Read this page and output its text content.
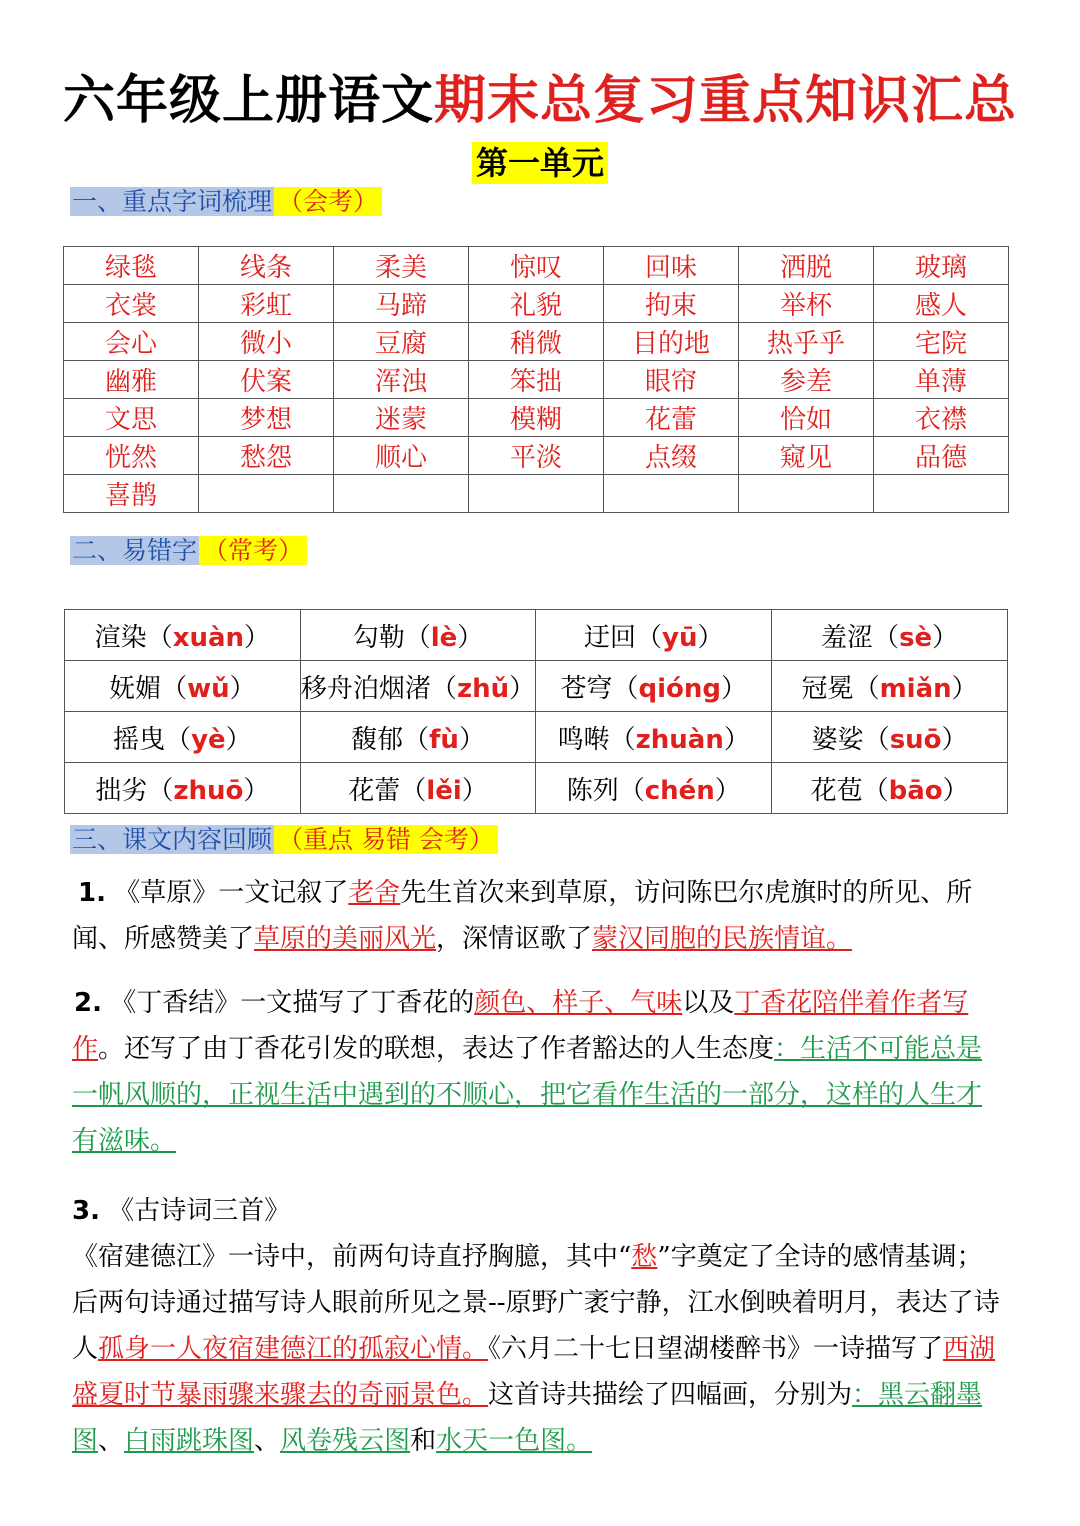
六年级上册语文期末总复习重点知识汇总
第一单元
一、重点字词梳理 （会考）
绿毯	线条	柔美	惊叹	回味	洒脱	玻璃
衣裳	彩虹	马蹄	礼貌	拘束	举杯	感人
会心	微小	豆腐	稍微	目的地	热乎乎	宅院
幽雅	伏案	浑浊	笨拙	眼帘	参差	单薄
文思	梦想	迷蒙	模糊	花蕾	恰如	衣襟
恍然	愁怨	顺心	平淡	点缀	窥见	品德
喜鹊						
二、易错字 （常考）
渲染（xuàn）	勾勒（lè）	迂回（yū）	羞涩（sè）
妩媚（wǔ）	移舟泊烟渚（zhǔ）	苍穹（qióng）	冠冕（miǎn）
摇曳（yè）	馥郁（fù）	鸣啭（zhuàn）	婆娑（suō）
拙劣（zhuō）	花蕾（lěi）	陈列（chén）	花苞（bāo）
三、课文内容回顾 （重点 易错 会考）
1. 《草原》一文记叙了老舍先生首次来到草原，访问陈巴尔虎旗时的所见、所闻、所感赞美了草原的美丽风光，深情讴歌了蒙汉同胞的民族情谊。
2. 《丁香结》一文描写了丁香花的颜色、样子、气味以及丁香花陪伴着作者写作。还写了由丁香花引发的联想，表达了作者豁达的人生态度：生活不可能总是一帆风顺的，正视生活中遇到的不顺心，把它看作生活的一部分，这样的人生才有滋味。
3. 《古诗词三首》
《宿建德江》一诗中，前两句诗直抒胸臆，其中“愁”字奠定了全诗的感情基调；后两句诗通过描写诗人眼前所见之景--原野广袤宁静，江水倒映着明月，表达了诗人孤身一人夜宿建德江的孤寂心情。《六月二十七日望湖楼醉书》一诗描写了西湖盛夏时节暴雨骤来骤去的奇丽景色。这首诗共描绘了四幅画，分别为：黑云翻墨图、白雨跳珠图、风卷残云图和水天一色图。
